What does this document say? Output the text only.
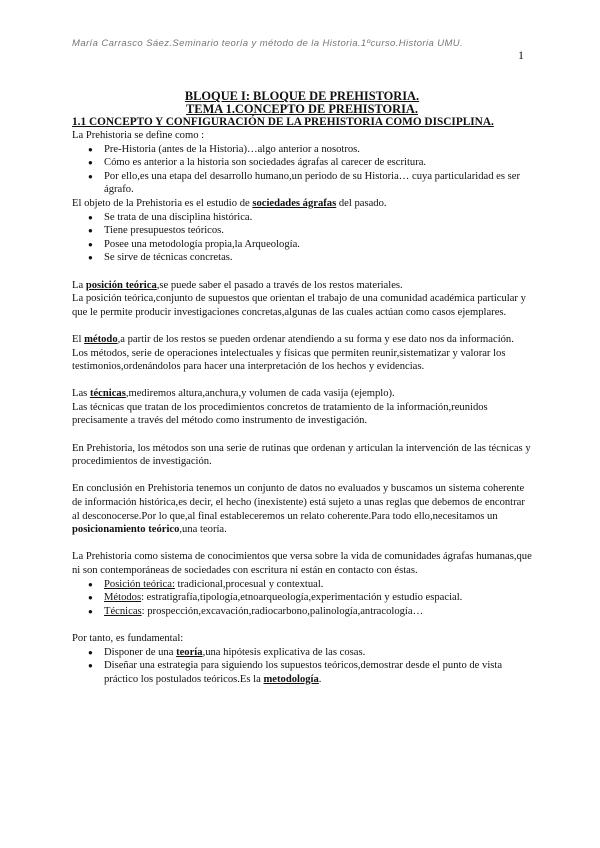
María Carrasco Sáez.Seminario teoría y método de la Historia.1ºcurso.Historia UMU.
1
BLOQUE I: BLOQUE DE PREHISTORIA.
TEMA 1.CONCEPTO DE PREHISTORIA.
1.1 CONCEPTO Y CONFIGURACIÓN DE LA PREHISTORIA COMO DISCIPLINA.

La Prehistoria se define como :

● Pre-Historia (antes de la Historia)…algo anterior a nosotros.
● Cómo es anterior a la historia son sociedades ágrafas al carecer de escritura.
● Por ello,es una etapa del desarrollo humano,un periodo de su Historia… cuya particularidad es ser ágrafo.

El objeto de la Prehistoria es el estudio de sociedades ágrafas del pasado.

● Se trata de una disciplina histórica.
● Tiene presupuestos teóricos.
● Posee una metodología propia,la Arqueología.
● Se sirve de técnicas concretas.

La posición teórica,se puede saber el pasado a través de los restos materiales.

La posición teórica,conjunto de supuestos que orientan el trabajo de una comunidad académica particular y que le permite producir investigaciones concretas,algunas de las cuales actúan como casos ejemplares.

El método,a partir de los restos se pueden ordenar atendiendo a su forma y ese dato nos da información.

Los métodos, serie de operaciones intelectuales y físicas que permiten reunir,sistematizar y valorar los testimonios,ordenándolos para hacer una interpretación de los hechos y evidencias.

Las técnicas,mediremos altura,anchura,y volumen de cada vasija (ejemplo).

Las técnicas que tratan de los procedimientos concretos de tratamiento de la información,reunidos precisamente a través del método como instrumento de investigación.

En Prehistoria, los métodos son una serie de rutinas que ordenan y articulan la intervención de las técnicas y procedimientos de investigación.

En conclusión en Prehistoria tenemos un conjunto de datos no evaluados y buscamos un sistema coherente de información histórica,es decir, el hecho (inexistente) está sujeto a unas reglas que debemos de encontrar al desconocerse.Por lo que,al final estableceremos un relato coherente.Para todo ello,necesitamos un posicionamiento teórico,una teoría.

La Prehistoria como sistema de conocimientos que versa sobre la vida de comunidades ágrafas humanas,que ni son contemporáneas de sociedades con escritura ni están en contacto con éstas.

● Posición teórica: tradicional,procesual y contextual.
● Métodos: estratigrafía,tipología,etnoarqueología,experimentación y estudio espacial.
● Técnicas: prospección,excavación,radiocarbono,palinología,antracología…

Por tanto, es fundamental:

● Disponer de una teoría,una hipótesis explicativa de las cosas.
● Diseñar una estrategia para siguiendo los supuestos teóricos,demostrar desde el punto de vista práctico los postulados teóricos.Es la metodología.
